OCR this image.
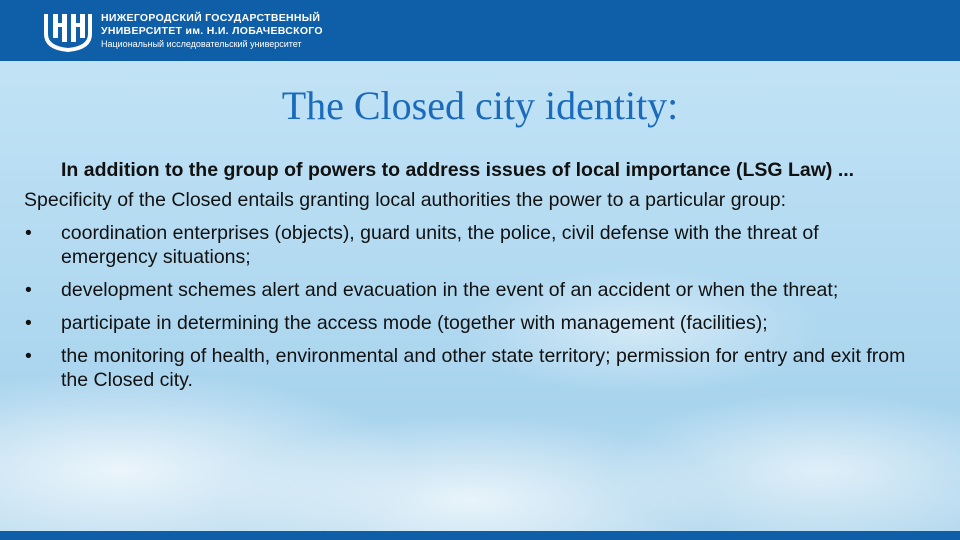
НИЖЕГОРОДСКИЙ ГОСУДАРСТВЕННЫЙ
УНИВЕРСИТЕТ им. Н.И. ЛОБАЧЕВСКОГО
Национальный исследовательский университет
The Closed city identity:

In addition to the group of powers to address issues of local importance (LSG Law) ...

Specificity of the Closed entails granting local authorities the power to a particular group:

• coordination enterprises (objects), guard units, the police, civil defense with the threat of emergency situations;
• development schemes alert and evacuation in the event of an accident or when the threat;
• participate in determining the access mode (together with management (facilities);
• the monitoring of health, environmental and other state territory; permission for entry and exit from the Closed city.
